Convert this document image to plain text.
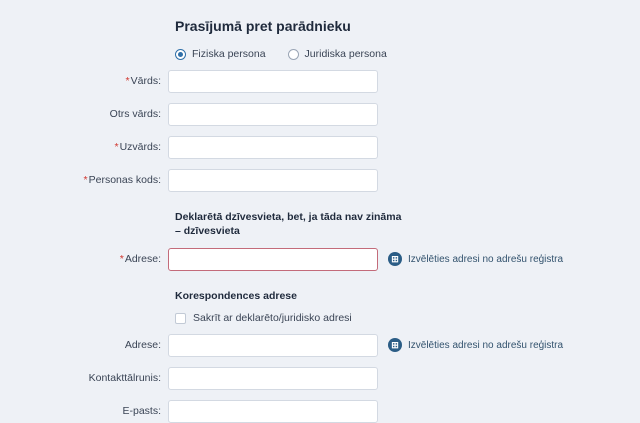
Prasījumā pret parādnieku
Fiziska persona	Juridiska persona
*Vārds:
Otrs vārds:
*Uzvārds:
*Personas kods:
Deklarētā dzīvesvieta, bet, ja tāda nav zināma – dzīvesvieta
*Adrese:	⊞ Izvēlēties adresi no adrešu reģistra
Korespondences adrese
Sakrīt ar deklarēto/juridisko adresi
Adrese:	⊞ Izvēlēties adresi no adrešu reģistra
Kontakttālrunis:
E-pasts:
